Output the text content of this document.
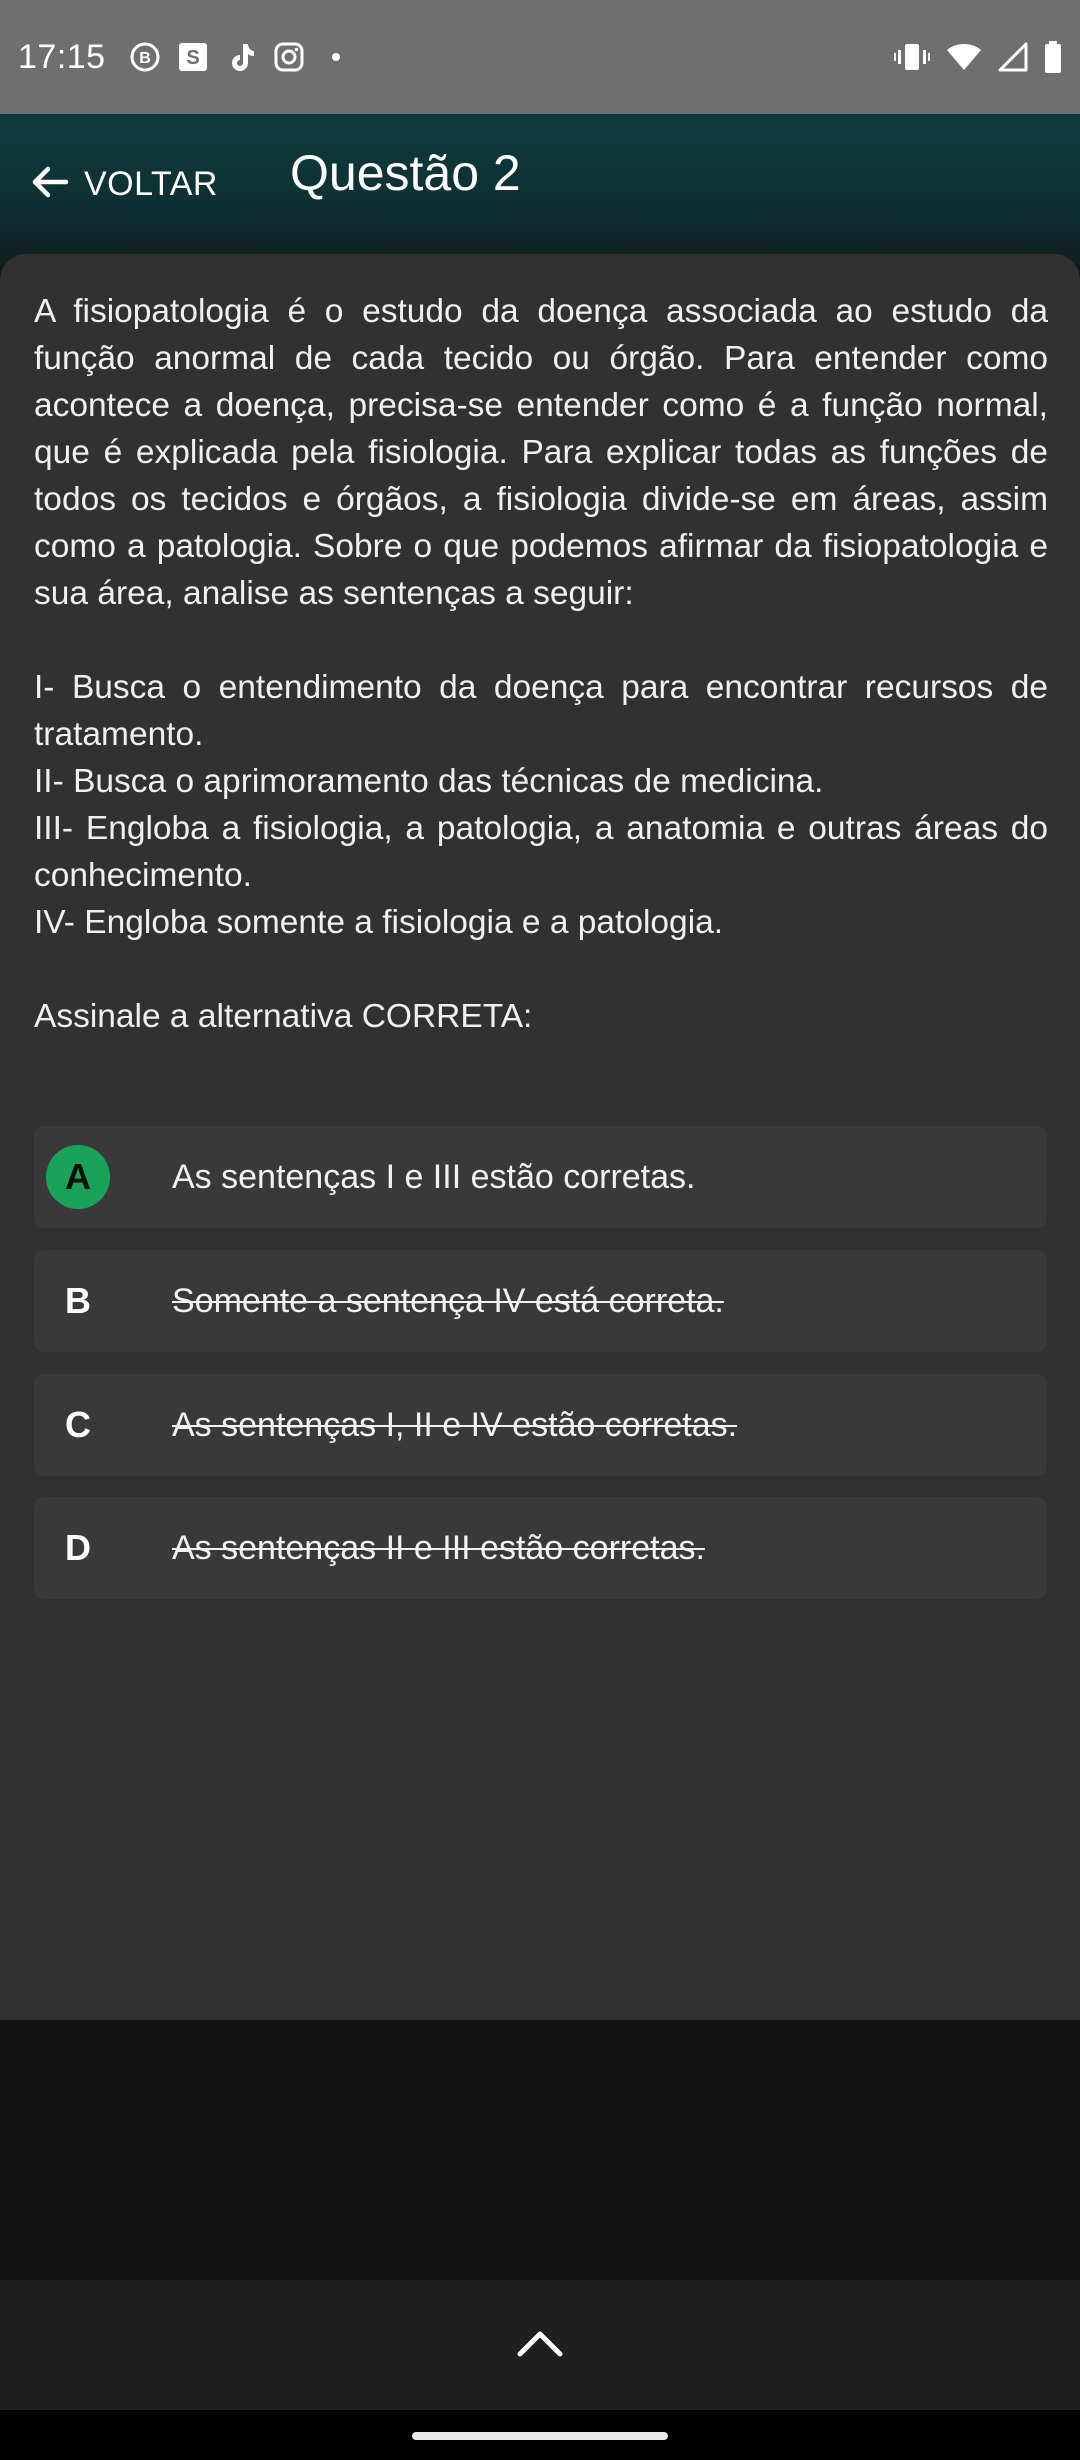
17:15 B S
VOLTAR Questão 2

A fisiopatologia é o estudo da doença associada ao estudo da função anormal de cada tecido ou órgão. Para entender como acontece a doença, precisa-se entender como é a função normal, que é explicada pela fisiologia. Para explicar todas as funções de todos os tecidos e órgãos, a fisiologia divide-se em áreas, assim como a patologia. Sobre o que podemos afirmar da fisiopatologia e sua área, analise as sentenças a seguir:

I- Busca o entendimento da doença para encontrar recursos de tratamento.

II- Busca o aprimoramento das técnicas de medicina.

III- Engloba a fisiologia, a patologia, a anatomia e outras áreas do conhecimento.

IV- Engloba somente a fisiologia e a patologia.

Assinale a alternativa CORRETA:

A	As sentenças I e III estão corretas.
B	Somente a sentença IV está correta.
C	As sentenças I, II e IV estão corretas.
D	As sentenças II e III estão corretas.
